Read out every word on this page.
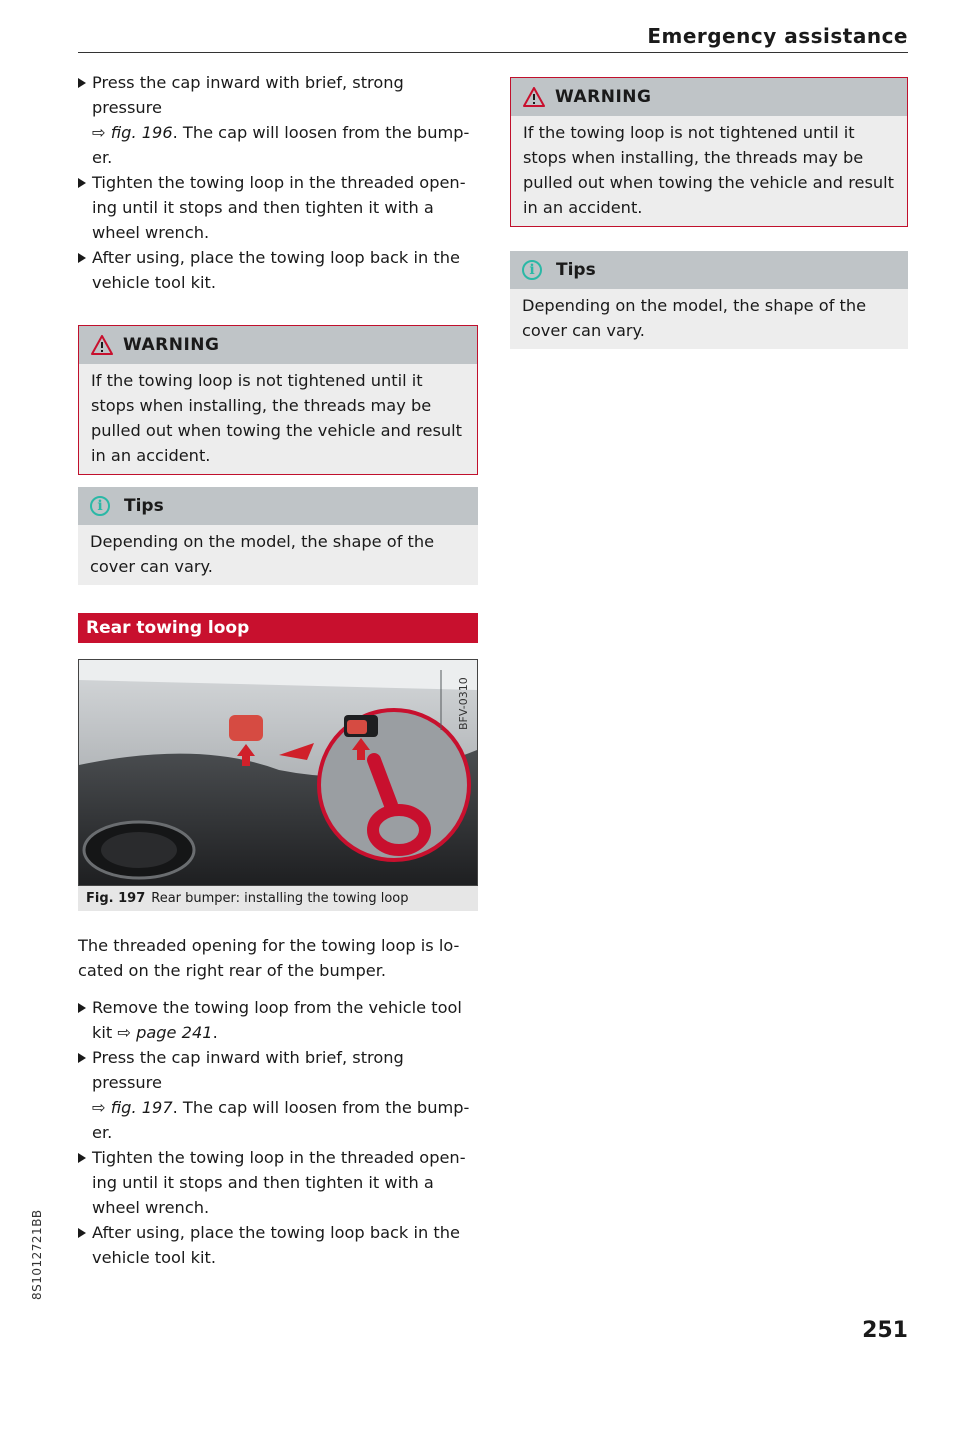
Emergency assistance
Press the cap inward with brief, strong pressure
⇨ fig. 196. The cap will loosen from the bump-
er.
Tighten the towing loop in the threaded open-
ing until it stops and then tighten it with a
wheel wrench.
After using, place the towing loop back in the
vehicle tool kit.
WARNING
If the towing loop is not tightened until it
stops when installing, the threads may be
pulled out when towing the vehicle and result
in an accident.
i	Tips
Depending on the model, the shape of the
cover can vary.
Rear towing loop
BFV-0310
Fig. 197 Rear bumper: installing the towing loop

The threaded opening for the towing loop is lo-
cated on the right rear of the bumper.

Remove the towing loop from the vehicle tool
kit ⇨ page 241.
Press the cap inward with brief, strong pressure
⇨ fig. 197. The cap will loosen from the bump-
er.
Tighten the towing loop in the threaded open-
ing until it stops and then tighten it with a
wheel wrench.
After using, place the towing loop back in the
vehicle tool kit.
WARNING
If the towing loop is not tightened until it
stops when installing, the threads may be
pulled out when towing the vehicle and result
in an accident.
i	Tips
Depending on the model, the shape of the
cover can vary.
8S1012721BB
251
